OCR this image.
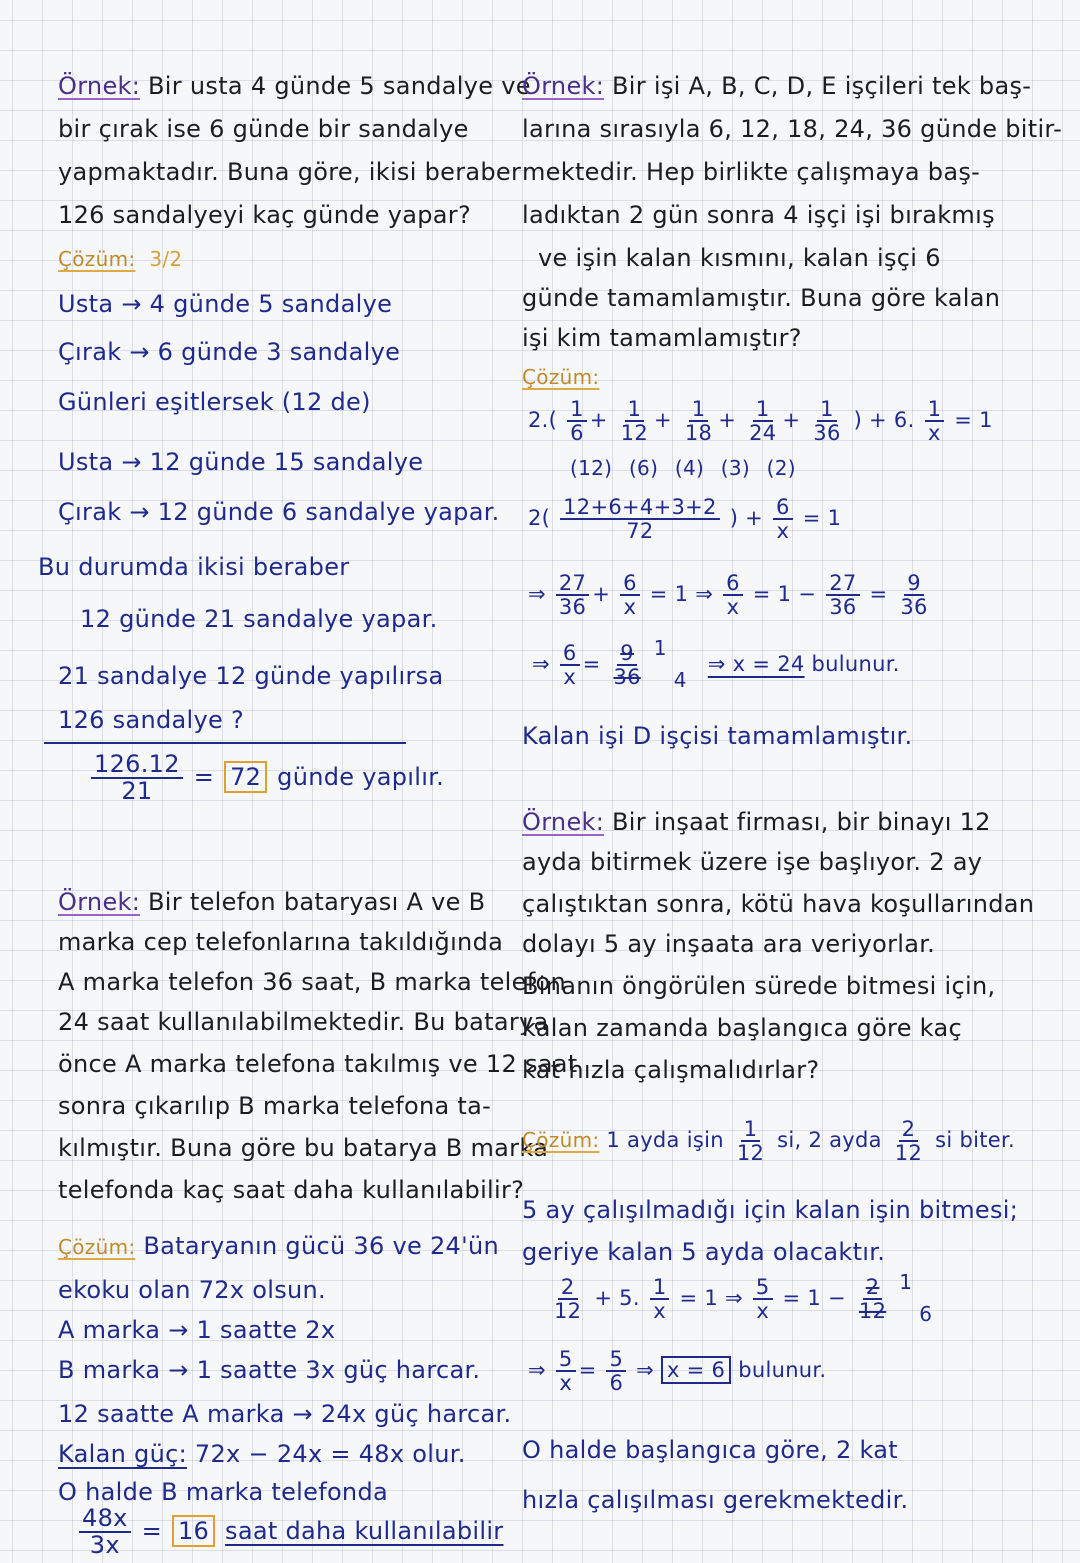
Örnek: Bir usta 4 günde 5 sandalye ve
bir çırak ise 6 günde bir sandalye
yapmaktadır. Buna göre, ikisi beraber
126 sandalyeyi kaç günde yapar?
Çözüm: 3/2
Usta → 4 günde 5 sandalye
Çırak → 6 günde 3 sandalye
Günleri eşitlersek (12 de)
Usta → 12 günde 15 sandalye
Çırak → 12 günde 6 sandalye yapar.
Bu durumda ikisi beraber
12 günde 21 sandalye yapar.
21 sandalye 12 günde yapılırsa
126 sandalye ?
$\frac{126.12}{21} = 72$ günde yapılır.
Örnek: Bir telefon bataryası A ve B
marka cep telefonlarına takıldığında
A marka telefon 36 saat, B marka telefon
24 saat kullanılabilmektedir. Bu batarya
önce A marka telefona takılmış ve 12 saat
sonra çıkarılıp B marka telefona ta-
kılmıştır. Buna göre bu batarya B marka
telefonda kaç saat daha kullanılabilir?
Çözüm: Bataryanın gücü 36 ve 24'ün
ekoku olan 72x olsun.
A marka → 1 saatte 2x
B marka → 1 saatte 3x güç harcar.
12 saatte A marka → 24x güç harcar.
Kalan güç: 72x − 24x = 48x olur.
O halde B marka telefonda
$\frac{48x}{3x} = 16$ saat daha kullanılabilir
Örnek: Bir işi A, B, C, D, E işçileri tek baş-
larına sırasıyla 6, 12, 18, 24, 36 günde bitir-
mektedir. Hep birlikte çalışmaya baş-
ladıktan 2 gün sonra 4 işçi işi bırakmış
ve işin kalan kısmını, kalan işçi 6
günde tamamlamıştır. Buna göre kalan
işi kim tamamlamıştır?
Çözüm:
$2.( \frac{1}{6} + \frac{1}{12} + \frac{1}{18} + \frac{1}{24} + \frac{1}{36}$ ) + 6. $\frac{1}{x} = 1$
(12) (6) (4) (3) (2)
$2( \frac{12+6+4+3+2}{72}$ ) + $\frac{6}{x} = 1$
⇒ $\frac{27}{36} + \frac{6}{x} = 1$ ⇒ $\frac{6}{x} = 1 - \frac{27}{36} = \frac{9}{36}$
⇒ $\frac{6}{x} = \frac{9}{36} 1$ 4 ⇒ x = 24 bulunur.
Kalan işi D işçisi tamamlamıştır.
Örnek: Bir inşaat firması, bir binayı 12
ayda bitirmek üzere işe başlıyor. 2 ay
çalıştıktan sonra, kötü hava koşullarından
dolayı 5 ay inşaata ara veriyorlar.
Binanın öngörülen sürede bitmesi için,
kalan zamanda başlangıca göre kaç
kat hızla çalışmalıdırlar?
Çözüm: 1 ayda işin $\frac{1}{12}$ si, 2 ayda $\frac{2}{12}$ si biter.
5 ay çalışılmadığı için kalan işin bitmesi;
geriye kalan 5 ayda olacaktır.
$\frac{2}{12} + 5$. $\frac{1}{x} = 1$ ⇒ $\frac{5}{x} = 1 - \frac{2}{12} 1$ 6
⇒ $\frac{5}{x} = \frac{5}{6}$ ⇒ x = 6 bulunur.
O halde başlangıca göre, 2 kat
hızla çalışılması gerekmektedir.
